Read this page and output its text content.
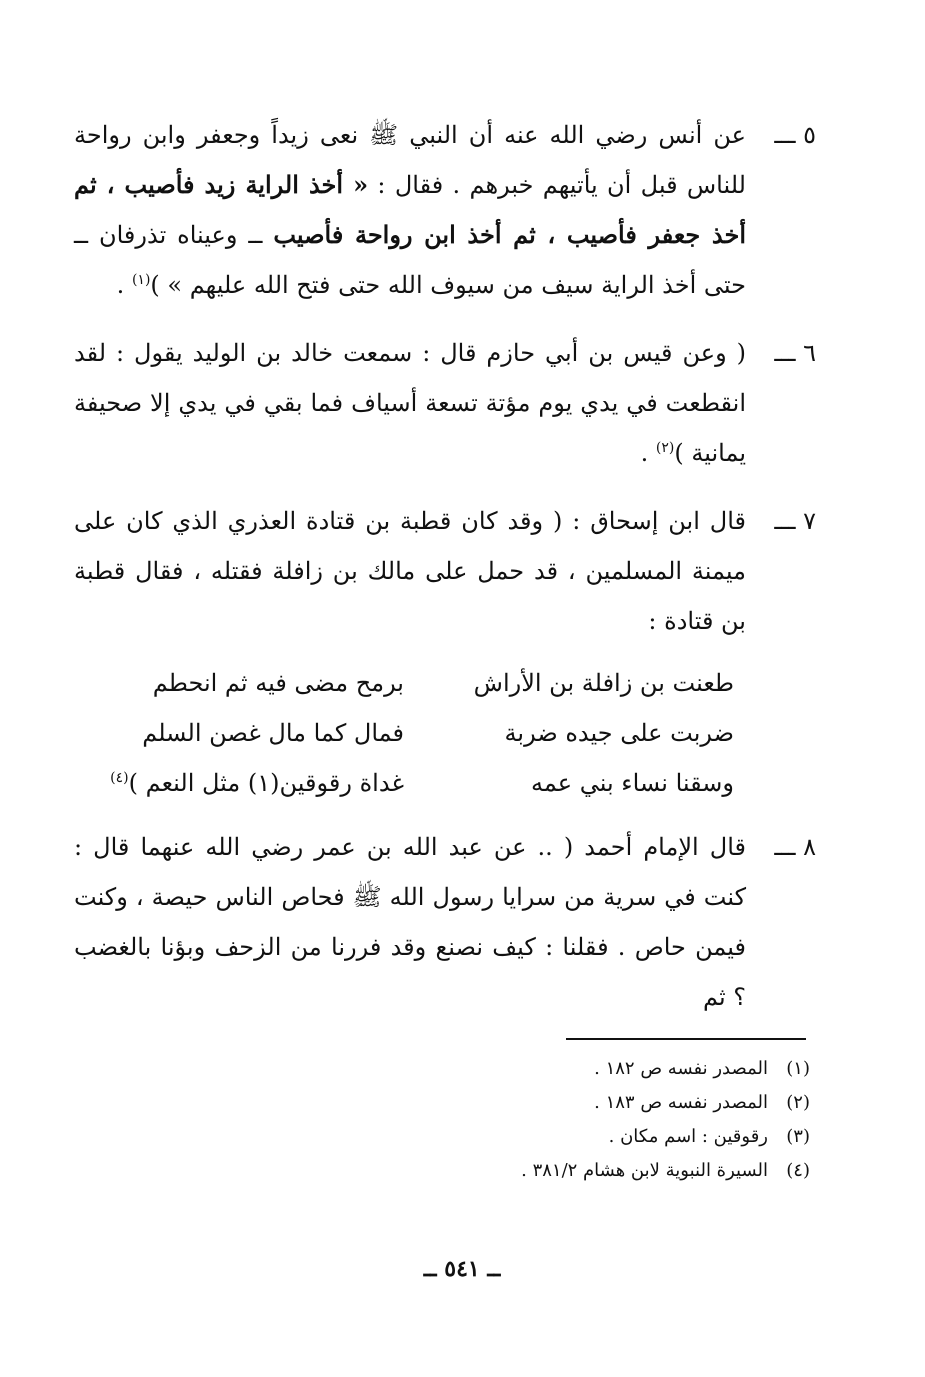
٥ ـــ
عن أنس رضي الله عنه أن النبي ﷺ نعى زيداً وجعفر وابن رواحة للناس قبل أن يأتيهم خبرهم . فقال : « أخذ الراية زيد فأصيب ، ثم أخذ جعفر فأصيب ، ثم أخذ ابن رواحة فأصيب ــ وعيناه تذرفان ــ حتى أخذ الراية سيف من سيوف الله حتى فتح الله عليهم » )$^{(١)}$ .
٦ ـــ
( وعن قيس بن أبي حازم قال : سمعت خالد بن الوليد يقول : لقد انقطعت في يدي يوم مؤتة تسعة أسياف فما بقي في يدي إلا صحيفة يمانية )$^{(٢)}$ .
٧ ـــ
قال ابن إسحاق : ( وقد كان قطبة بن قتادة العذري الذي كان على ميمنة المسلمين ، قد حمل على مالك بن زافلة فقتله ، فقال قطبة بن قتادة :
طعنت بن زافلة بن الأراش
برمح مضى فيه ثم انحطم
ضربت على جيده ضربة
فمال كما مال غصن السلم
وسقنا نساء بني عمه
غداة رقوقين(١) مثل النعم )$^{(٤)}$
٨ ـــ
قال الإمام أحمد ( .. عن عبد الله بن عمر رضي الله عنهما قال : كنت في سرية من سرايا رسول الله ﷺ فحاص الناس حيصة ، وكنت فيمن حاص . فقلنا : كيف نصنع وقد فررنا من الزحف وبؤنا بالغضب ؟ ثم
(١)
المصدر نفسه ص ١٨٢ .
(٢)
المصدر نفسه ص ١٨٣ .
(٣)
رقوقين : اسم مكان .
(٤)
السيرة النبوية لابن هشام ٣٨١/٢ .
ــ ٥٤١ ــ
